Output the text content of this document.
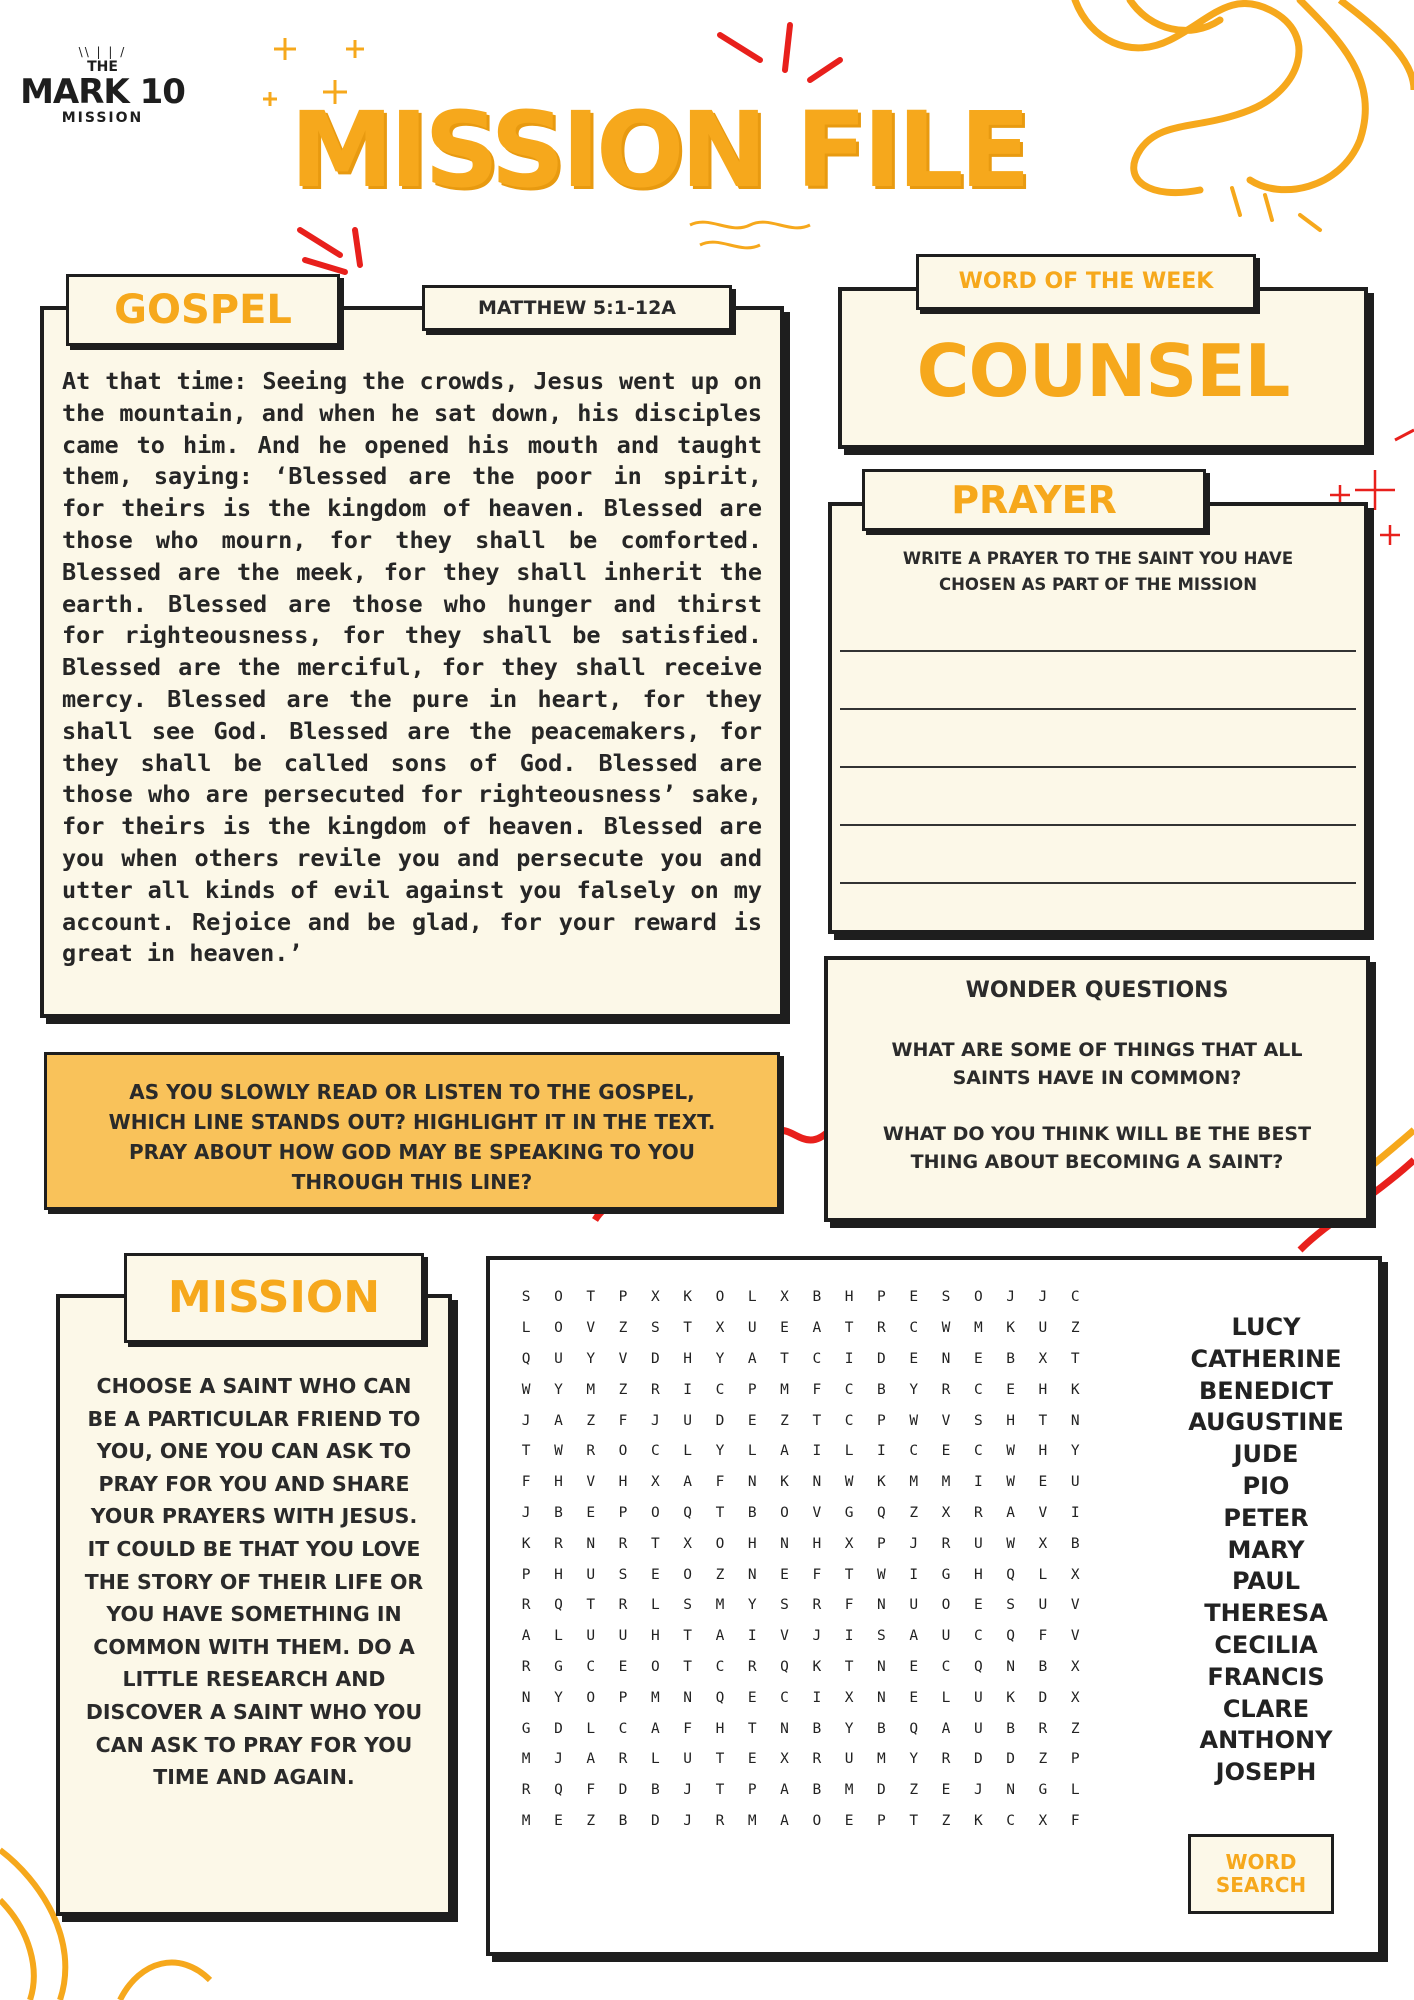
\\ | | /
THE
MARK 10
MISSION	MISSION FILE
At that time: Seeing the crowds, Jesus went up on the mountain, and when he sat down, his disciples came to him. And he opened his mouth and taught them, saying: ‘Blessed are the poor in spirit, for theirs is the kingdom of heaven. Blessed are those who mourn, for they shall be comforted. Blessed are the meek, for they shall inherit the earth. Blessed are those who hunger and thirst for righteousness, for they shall be satisfied. Blessed are the merciful, for they shall receive mercy. Blessed are the pure in heart, for they shall see God. Blessed are the peacemakers, for they shall be called sons of God. Blessed are those who are persecuted for righteousness’ sake, for theirs is the kingdom of heaven. Blessed are you when others revile you and persecute you and utter all kinds of evil against you falsely on my account. Rejoice and be glad, for your reward is great in heaven.’
GOSPEL	MATTHEW 5:1-12A
COUNSEL
WORD OF THE WEEK
WRITE A PRAYER TO THE SAINT YOU HAVE CHOSEN AS PART OF THE MISSION
PRAYER
WONDER QUESTIONS
WHAT ARE SOME OF THINGS THAT ALL SAINTS HAVE IN COMMON?
WHAT DO YOU THINK WILL BE THE BEST THING ABOUT BECOMING A SAINT?
AS YOU SLOWLY READ OR LISTEN TO THE GOSPEL, WHICH LINE STANDS OUT? HIGHLIGHT IT IN THE TEXT. PRAY ABOUT HOW GOD MAY BE SPEAKING TO YOU THROUGH THIS LINE?
CHOOSE A SAINT WHO CAN BE A PARTICULAR FRIEND TO YOU, ONE YOU CAN ASK TO PRAY FOR YOU AND SHARE YOUR PRAYERS WITH JESUS. IT COULD BE THAT YOU LOVE THE STORY OF THEIR LIFE OR YOU HAVE SOMETHING IN COMMON WITH THEM. DO A LITTLE RESEARCH AND DISCOVER A SAINT WHO YOU CAN ASK TO PRAY FOR YOU TIME AND AGAIN.
MISSION	S	O	T	P	X	K	O	L	X	B	H	P	E	S	O	J	J	C
L	O	V	Z	S	T	X	U	E	A	T	R	C	W	M	K	U	Z
Q	U	Y	V	D	H	Y	A	T	C	I	D	E	N	E	B	X	T
W	Y	M	Z	R	I	C	P	M	F	C	B	Y	R	C	E	H	K
J	A	Z	F	J	U	D	E	Z	T	C	P	W	V	S	H	T	N
T	W	R	O	C	L	Y	L	A	I	L	I	C	E	C	W	H	Y
F	H	V	H	X	A	F	N	K	N	W	K	M	M	I	W	E	U
J	B	E	P	O	Q	T	B	O	V	G	Q	Z	X	R	A	V	I
K	R	N	R	T	X	O	H	N	H	X	P	J	R	U	W	X	B
P	H	U	S	E	O	Z	N	E	F	T	W	I	G	H	Q	L	X
R	Q	T	R	L	S	M	Y	S	R	F	N	U	O	E	S	U	V
A	L	U	U	H	T	A	I	V	J	I	S	A	U	C	Q	F	V
R	G	C	E	O	T	C	R	Q	K	T	N	E	C	Q	N	B	X
N	Y	O	P	M	N	Q	E	C	I	X	N	E	L	U	K	D	X
G	D	L	C	A	F	H	T	N	B	Y	B	Q	A	U	B	R	Z
M	J	A	R	L	U	T	E	X	R	U	M	Y	R	D	D	Z	P
R	Q	F	D	B	J	T	P	A	B	M	D	Z	E	J	N	G	L
M	E	Z	B	D	J	R	M	A	O	E	P	T	Z	K	C	X	F
LUCY
CATHERINE
BENEDICT
AUGUSTINE
JUDE
PIO
PETER
MARY
PAUL
THERESA
CECILIA
FRANCIS
CLARE
ANTHONY
JOSEPH
WORD
SEARCH
